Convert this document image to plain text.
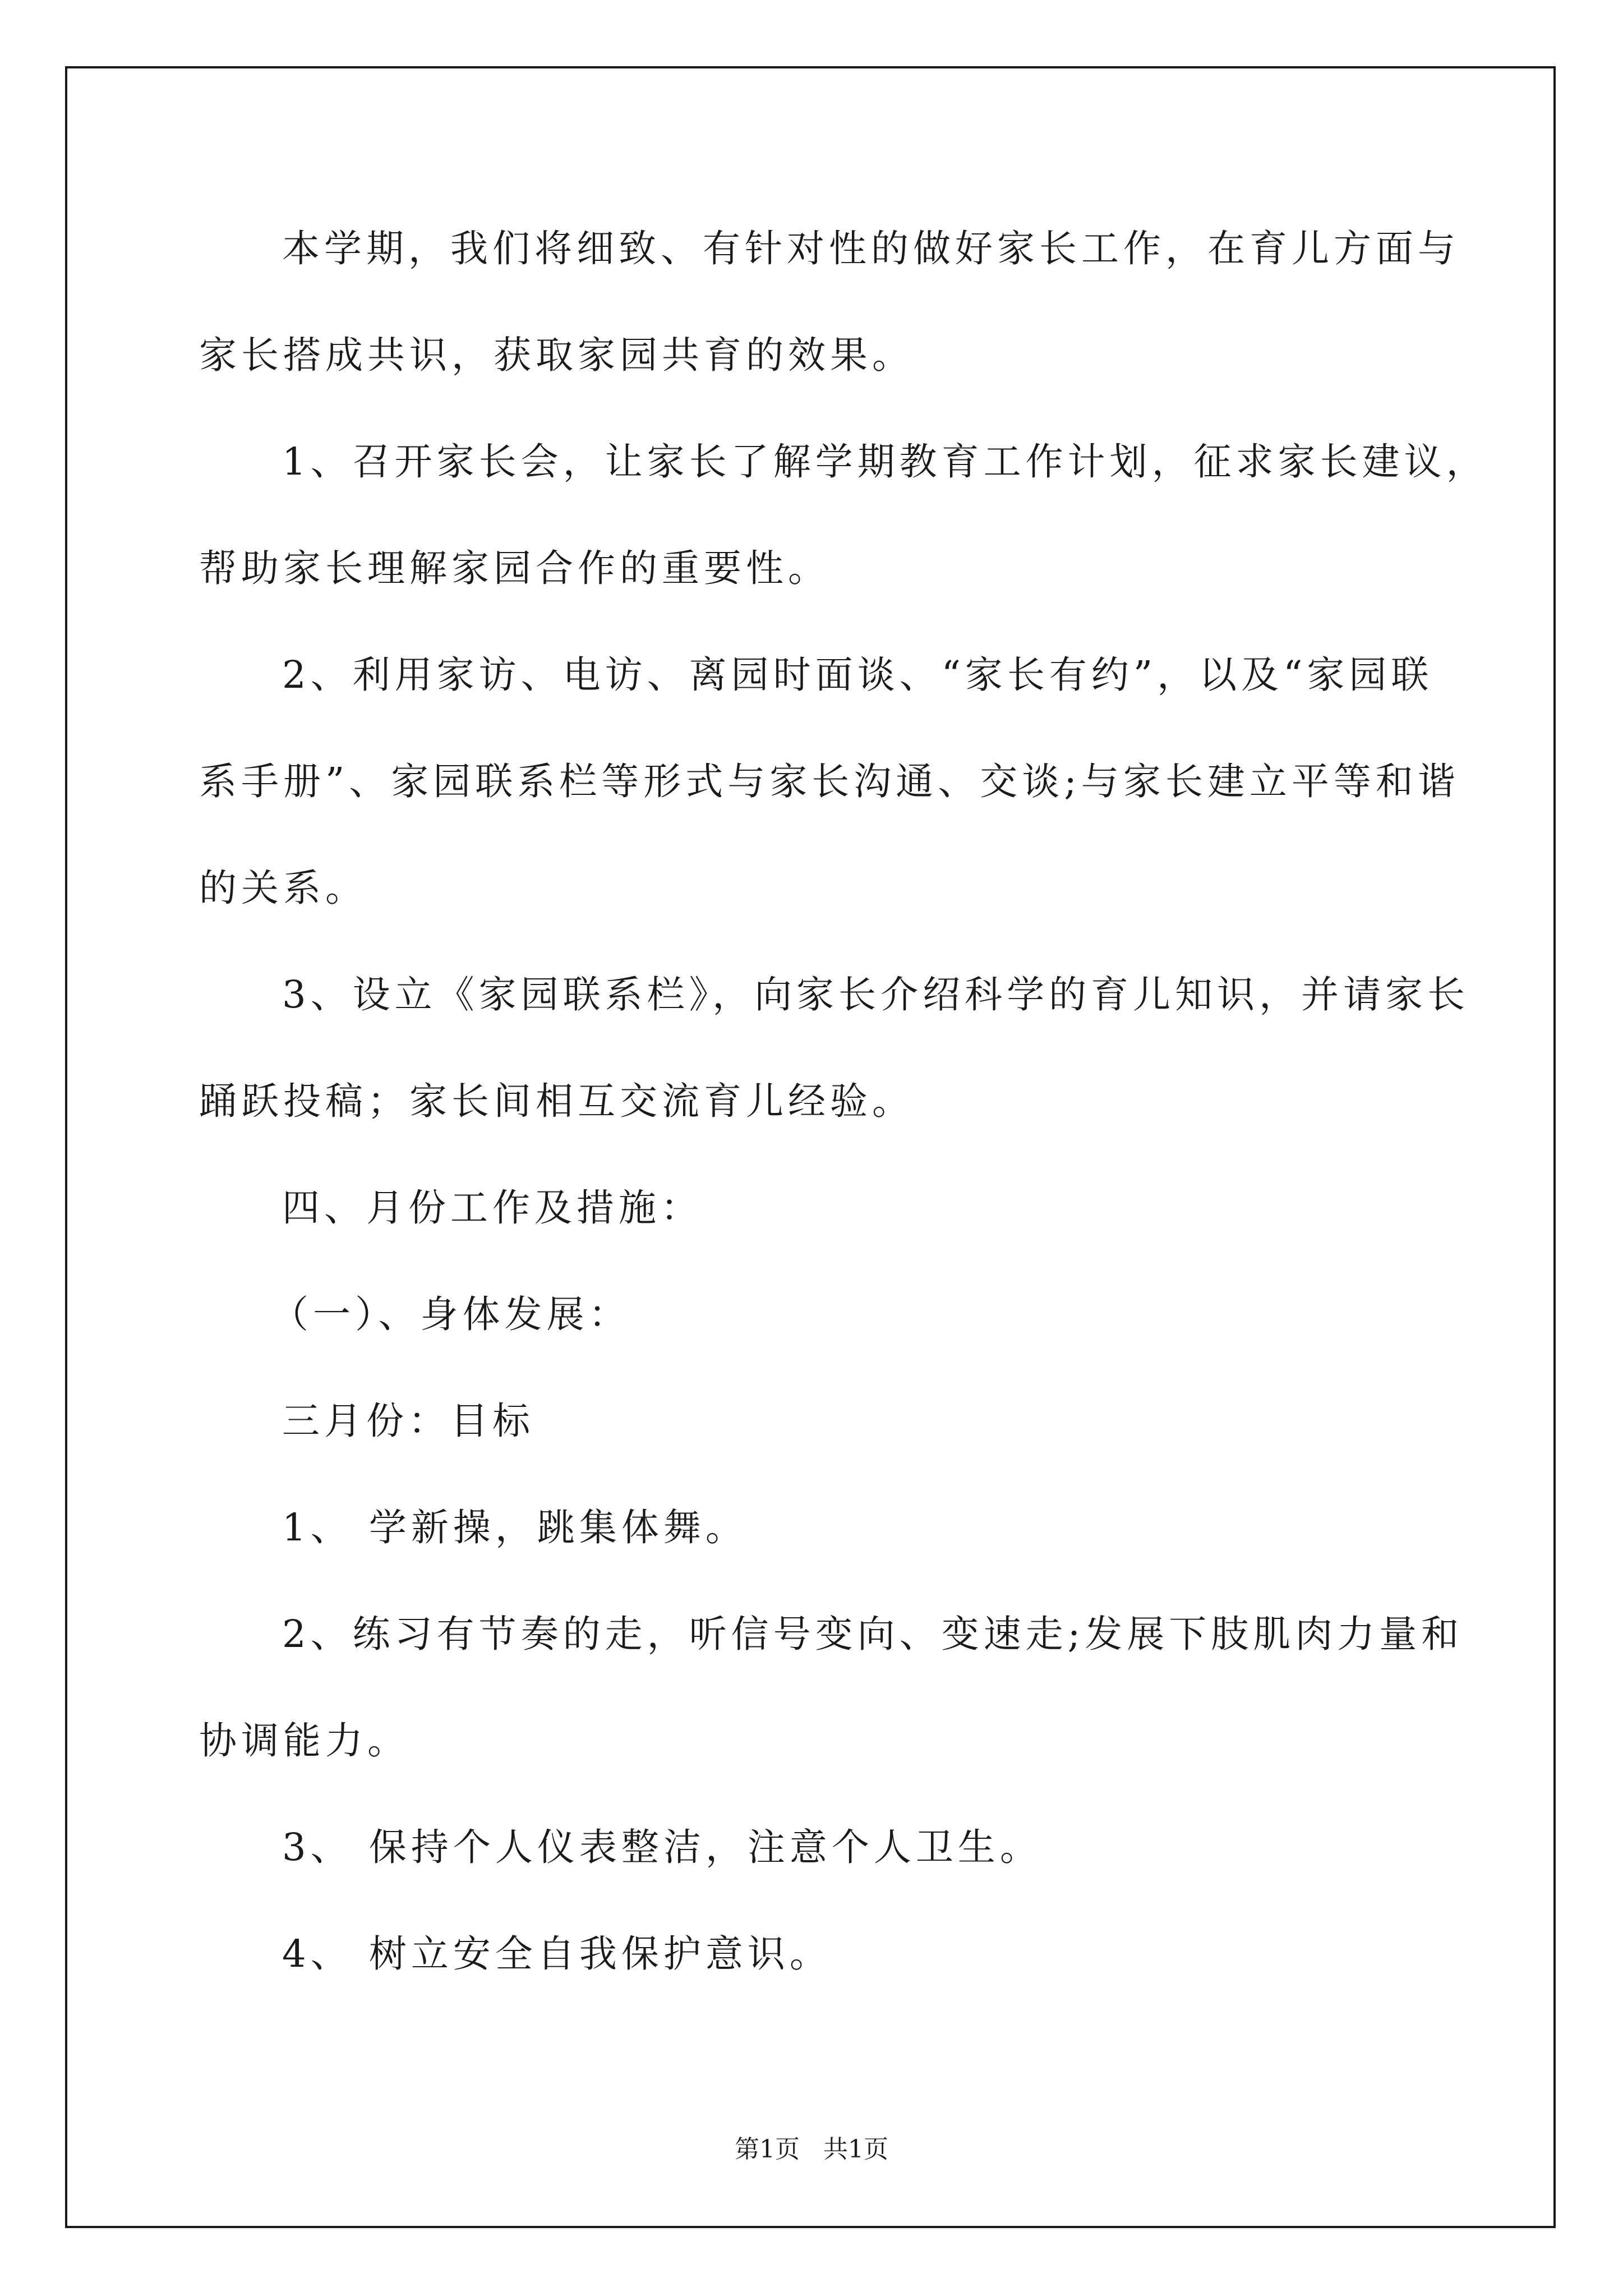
本学期，我们将细致、有针对性的做好家长工作，在育儿方面与
家长搭成共识，获取家园共育的效果。
1、召开家长会，让家长了解学期教育工作计划，征求家长建议，
帮助家长理解家园合作的重要性。
2、利用家访、电访、离园时面谈、“家长有约”，以及“家园联
系手册”、家园联系栏等形式与家长沟通、交谈;与家长建立平等和谐
的关系。
3、设立《家园联系栏》，向家长介绍科学的育儿知识，并请家长
踊跃投稿；家长间相互交流育儿经验。
四、月份工作及措施：
（一）、身体发展：
三月份：目标
1、 学新操，跳集体舞。
2、练习有节奏的走，听信号变向、变速走;发展下肢肌肉力量和
协调能力。
3、 保持个人仪表整洁，注意个人卫生。
4、 树立安全自我保护意识。
第1页   共1页
